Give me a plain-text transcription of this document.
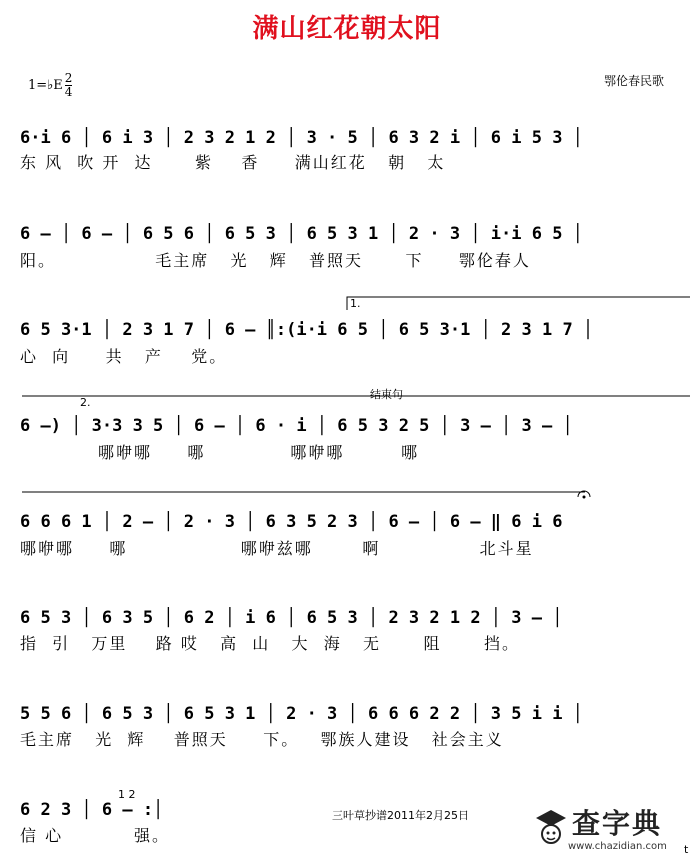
满山红花朝太阳
1=♭E $\frac{2}{4}$	鄂伦春民歌
6·i 6 │ 6 i 3 │ 2 3 2 1 2 │ 3 · 5 │ 6 3 2 i │ 6 i 5 3 │
东 风  吹 开  达      紫    香     满山红花   朝   太
6 – │ 6 – │ 6 5 6 │ 6 5 3 │ 6 5 3 1 │ 2 · 3 │ i·i 6 5 │
阳。              毛主席   光   辉   普照天      下     鄂伦春人
1.
6 5 3·1 │ 2 3 1 7 │ 6 – ║:(i·i 6 5 │ 6 5 3·1 │ 2 3 1 7 │
心  向     共   产    党。
结束句
2.
6 –) │ 3·3 3 5 │ 6 – │ 6 · i │ 6 5 3 2 5 │ 3 – │ 3 – │
哪咿哪     哪            哪咿哪        哪
6 6 6 1 │ 2 – │ 2 · 3 │ 6 3 5 2 3 │ 6 – │ 6 – ‖ 6 i 6
哪咿哪     哪                哪咿兹哪       啊              北斗星
6 5 3 │ 6 3 5 │ 6 2 │ i 6 │ 6 5 3 │ 2 3 2 1 2 │ 3 – │
指  引   万里    路 哎   高  山   大  海   无      阻      挡。
5 5 6 │ 6 5 3 │ 6 5 3 1 │ 2 · 3 │ 6 6 6 2 2 │ 3 5 i i │
毛主席   光  辉    普照天     下。   鄂族人建设   社会主义
1 2
6 2 3 │ 6 – :│
信 心          强。
三叶草抄谱2011年2月25日	查字典
www.chazidian.com t
